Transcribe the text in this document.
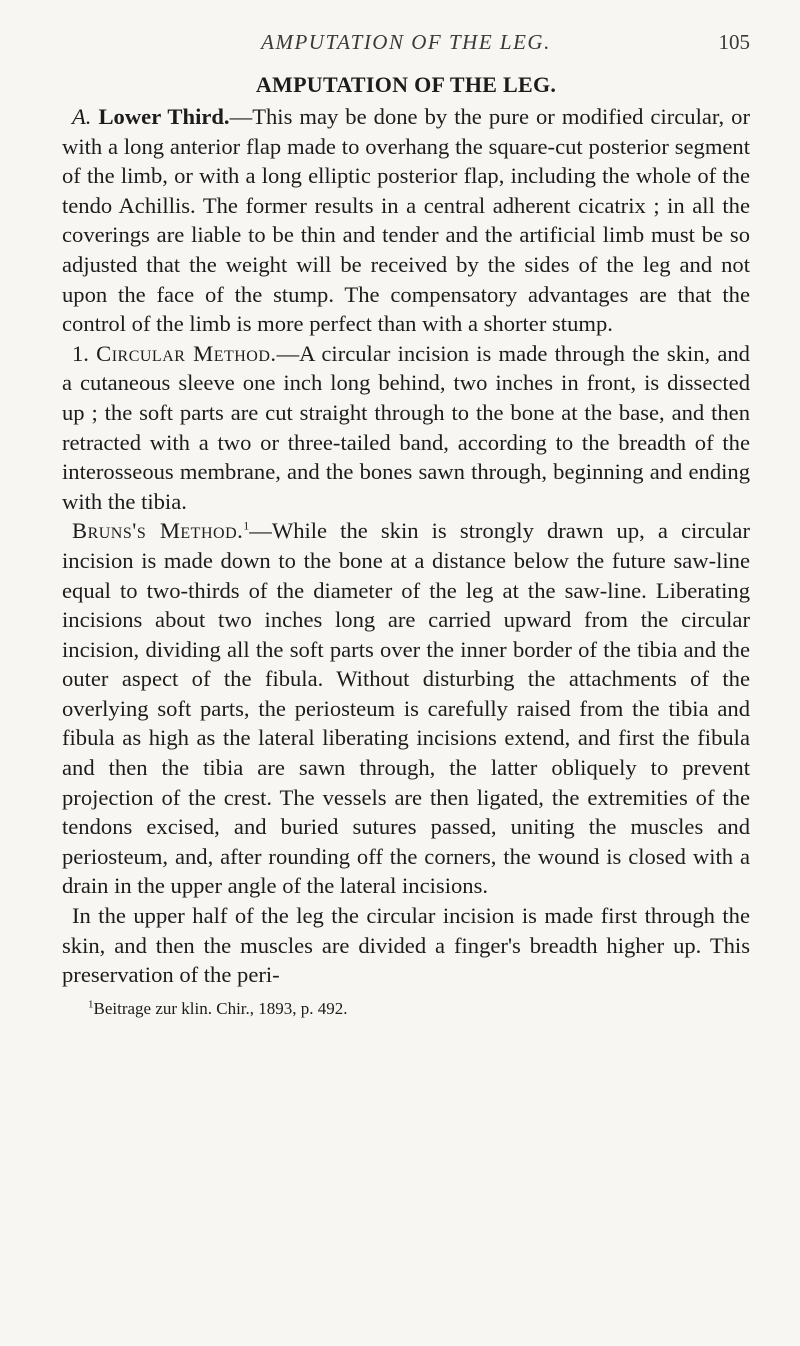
AMPUTATION OF THE LEG.	105
AMPUTATION OF THE LEG.

A. Lower Third.—This may be done by the pure or modified circular, or with a long anterior flap made to overhang the square-cut posterior segment of the limb, or with a long elliptic posterior flap, including the whole of the tendo Achillis. The former results in a central adherent cicatrix ; in all the coverings are liable to be thin and tender and the artificial limb must be so adjusted that the weight will be received by the sides of the leg and not upon the face of the stump. The compensatory advantages are that the control of the limb is more perfect than with a shorter stump.

1. Circular Method.—A circular incision is made through the skin, and a cutaneous sleeve one inch long behind, two inches in front, is dissected up ; the soft parts are cut straight through to the bone at the base, and then retracted with a two or three-tailed band, according to the breadth of the interosseous membrane, and the bones sawn through, beginning and ending with the tibia.

Bruns's Method.$^1$—While the skin is strongly drawn up, a circular incision is made down to the bone at a distance below the future saw-line equal to two-thirds of the diameter of the leg at the saw-line. Liberating incisions about two inches long are carried upward from the circular incision, dividing all the soft parts over the inner border of the tibia and the outer aspect of the fibula. Without disturbing the attachments of the overlying soft parts, the periosteum is carefully raised from the tibia and fibula as high as the lateral liberating incisions extend, and first the fibula and then the tibia are sawn through, the latter obliquely to prevent projection of the crest. The vessels are then ligated, the extremities of the tendons excised, and buried sutures passed, uniting the muscles and periosteum, and, after rounding off the corners, the wound is closed with a drain in the upper angle of the lateral incisions.

In the upper half of the leg the circular incision is made first through the skin, and then the muscles are divided a finger's breadth higher up. This preservation of the peri-

$^1$Beitrage zur klin. Chir., 1893, p. 492.
